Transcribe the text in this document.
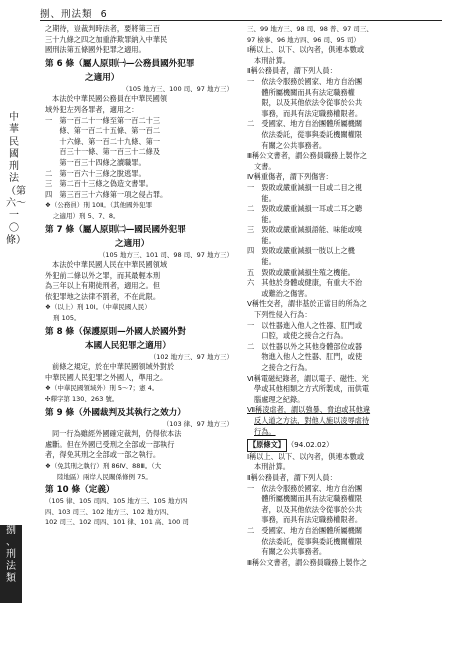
捌、刑法類 6
中華民國刑法（第六〜一〇條）
捌
、
刑
法
類

之期待，豈裁判時法者，要將第三百

三十九條之四之加重詐欺罪納入中華民

國刑法第五條國外犯罪之適用。

第 6 條（屬人原則㈠—公務員國外犯罪

之適用）

（105 地方三、100 司、97 地方三）

本法於中華民國公務員在中華民國領

域外犯左列各罪者，適用之：

一　第一百二十一條至第一百二十三

　　條、第一百二十五條、第一百二

　　十六條、第一百二十九條、第一

　　百三十一條、第一百三十二條及

　　第一百三十四條之瀆職罪。

二　第一百六十三條之脫逃罪。

三　第二百十三條之偽造文書罪。

四　第三百三十六條第一項之侵占罪。

❖（公務員）刑 10Ⅱ。（其他國外犯罪

之適用）刑 5、7、8。

第 7 條（屬人原則㈡—國民國外犯罪

之適用）

（105 地方三、101 司、98 司、97 地方三）

本法於中華民國人民在中華民國領域

外犯前二條以外之罪，而其最輕本刑

為三年以上有期徒刑者，適用之。但

依犯罪地之法律不罰者，不在此限。

❖（以上）刑 10Ⅰ。（中華民國人民）

刑 105。

第 8 條（保護原則—外國人於國外對

本國人民犯罪之適用）

（102 地方三、97 地方三）

前條之規定，於在中華民國領域外對於

中華民國人民犯罪之外國人，準用之。

❖（中華民國領域外）刑 5〜7；憲 4。

✣釋字第 130、263 號。

第 9 條（外國裁判及其執行之效力）

（103 律、97 地方三）

同一行為雖經外國確定裁判，仍得依本法

處斷。但在外國已受刑之全部或一部執行

者，得免其刑之全部或一部之執行。

❖（免其刑之執行）刑 86Ⅳ、88Ⅲ。（大

陸地區）兩岸人民關係條例 75。

第 10 條（定義）

（105 律、105 司四、105 地方三、105 地方四

四、103 司三、102 地方三、102 地方四、

102 司三、102 司四、101 律、101 高、100 司

三、99 地方三、98 司、98 普、97 司三、

97 檢事、96 地方四、96 司、95 司）

Ⅰ稱以上、以下、以內者，俱連本數或

本刑計算。

Ⅱ稱公務員者，謂下列人員：

一　依法令服務於國家、地方自治團

　　體所屬機關而具有法定職務權

　　限，以及其他依法令從事於公共

　　事務，而具有法定職務權限者。

二　受國家、地方自治團體所屬機關

　　依法委託，從事與委託機關權限

　　有關之公共事務者。

Ⅲ稱公文書者，謂公務員職務上製作之

文書。

Ⅳ稱重傷者，謂下列傷害：

一　毀敗或嚴重減損一目或二目之視

　　能。

二　毀敗或嚴重減損一耳或二耳之聽

　　能。

三　毀敗或嚴重減損語能、味能或嗅

　　能。

四　毀敗或嚴重減損一肢以上之機

　　能。

五　毀敗或嚴重減損生殖之機能。

六　其他於身體或健康，有重大不治

　　或難治之傷害。

Ⅴ稱性交者，謂非基於正當目的所為之

下列性侵入行為：

一　以性器進入他人之性器、肛門或

　　口腔，或使之接合之行為。

二　以性器以外之其他身體部位或器

　　物進入他人之性器、肛門，或使

　　之接合之行為。

Ⅵ稱電磁紀錄者，謂以電子、磁性、光

學或其他相類之方式所製成，而供電

腦處理之紀錄。

Ⅶ稱凌虐者，謂以強暴、脅迫或其他違

反人道之方法，對他人施以凌辱虐待

行為。

【原條文】 （94.02.02）

Ⅰ稱以上、以下、以內者，俱連本數或

本刑計算。

Ⅱ稱公務員者，謂下列人員：

一　依法令服務於國家、地方自治團

　　體所屬機關而具有法定職務權限

　　者，以及其他依法令從事於公共

　　事務，而具有法定職務權限者。

二　受國家、地方自治團體所屬機關

　　依法委託，從事與委託機關權限

　　有關之公共事務者。

Ⅲ稱公文書者，謂公務員職務上製作之
